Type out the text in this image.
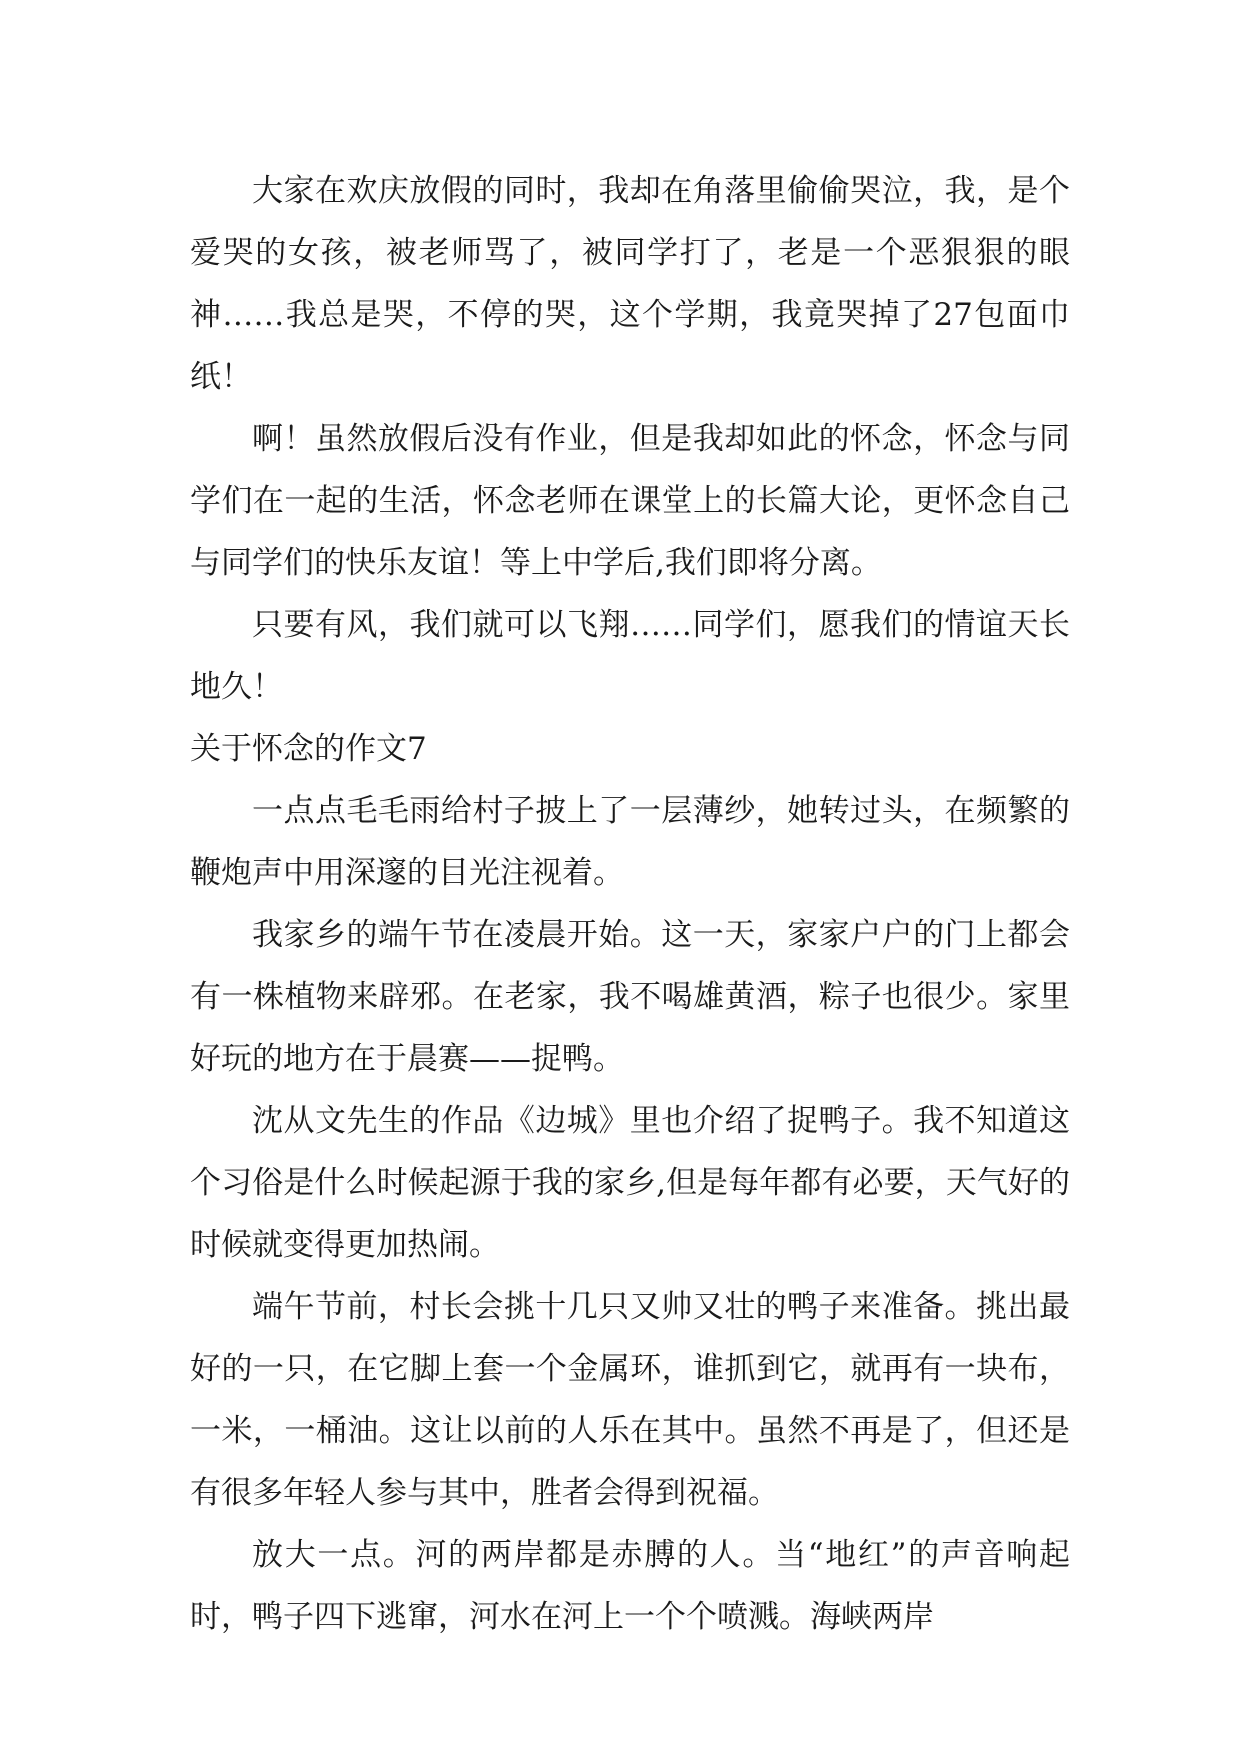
大家在欢庆放假的同时，我却在角落里偷偷哭泣，我，是个爱哭的女孩，被老师骂了，被同学打了，老是一个恶狠狠的眼神……我总是哭，不停的哭，这个学期，我竟哭掉了27包面巾纸！

啊！虽然放假后没有作业，但是我却如此的怀念，怀念与同学们在一起的生活，怀念老师在课堂上的长篇大论，更怀念自己与同学们的快乐友谊！等上中学后,我们即将分离。

只要有风，我们就可以飞翔……同学们，愿我们的情谊天长地久！

关于怀念的作文7

一点点毛毛雨给村子披上了一层薄纱，她转过头，在频繁的鞭炮声中用深邃的目光注视着。

我家乡的端午节在凌晨开始。这一天，家家户户的门上都会有一株植物来辟邪。在老家，我不喝雄黄酒，粽子也很少。家里好玩的地方在于晨赛——捉鸭。

沈从文先生的作品《边城》里也介绍了捉鸭子。我不知道这个习俗是什么时候起源于我的家乡,但是每年都有必要，天气好的时候就变得更加热闹。

端午节前，村长会挑十几只又帅又壮的鸭子来准备。挑出最好的一只，在它脚上套一个金属环，谁抓到它，就再有一块布，一米，一桶油。这让以前的人乐在其中。虽然不再是了，但还是有很多年轻人参与其中，胜者会得到祝福。

放大一点。河的两岸都是赤膊的人。当“地红”的声音响起时，鸭子四下逃窜，河水在河上一个个喷溅。海峡两岸
